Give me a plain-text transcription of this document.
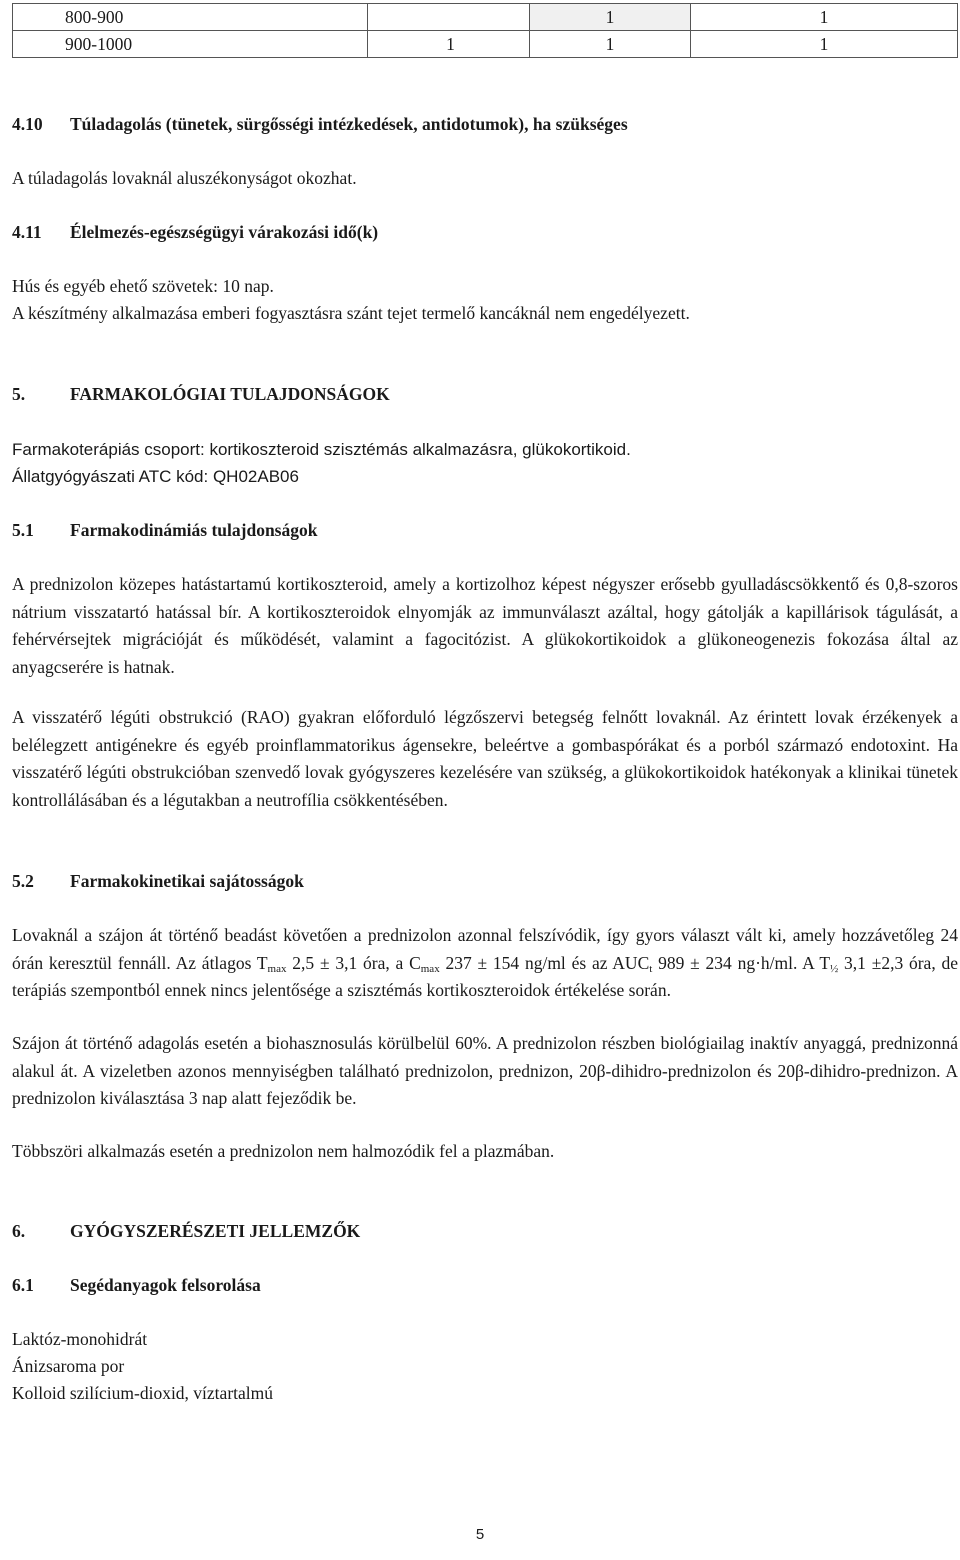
800-900		1	1
900-1000	1	1	1
4.10 Túladagolás (tünetek, sürgősségi intézkedések, antidotumok), ha szükséges
A túladagolás lovaknál aluszékonyságot okozhat.
4.11 Élelmezés-egészségügyi várakozási idő(k)
Hús és egyéb ehető szövetek: 10 nap.
A készítmény alkalmazása emberi fogyasztásra szánt tejet termelő kancáknál nem engedélyezett.
5.	FARMAKOLÓGIAI TULAJDONSÁGOK
Farmakoterápiás csoport: kortikoszteroid szisztémás alkalmazásra, glükokortikoid.
Állatgyógyászati ATC kód: QH02AB06
5.1 Farmakodinámiás tulajdonságok
A prednizolon közepes hatástartamú kortikoszteroid, amely a kortizolhoz képest négyszer erősebb gyulladáscsökkentő és 0,8-szoros nátrium visszatartó hatással bír. A kortikoszteroidok elnyomják az immunválaszt azáltal, hogy gátolják a kapillárisok tágulását, a fehérvérsejtek migrációját és működését, valamint a fagocitózist. A glükokortikoidok a glükoneogenezis fokozása által az anyagcserére is hatnak.
A visszatérő légúti obstrukció (RAO) gyakran előforduló légzőszervi betegség felnőtt lovaknál. Az érintett lovak érzékenyek a belélegzett antigénekre és egyéb proinflammatorikus ágensekre, beleértve a gombaspórákat és a porból származó endotoxint. Ha visszatérő légúti obstrukcióban szenvedő lovak gyógyszeres kezelésére van szükség, a glükokortikoidok hatékonyak a klinikai tünetek kontrollálásában és a légutakban a neutrofília csökkentésében.
5.2 Farmakokinetikai sajátosságok
Lovaknál a szájon át történő beadást követően a prednizolon azonnal felszívódik, így gyors választ vált ki, amely hozzávetőleg 24 órán keresztül fennáll. Az átlagos $T_{max}$ 2,5 ± 3,1 óra, a $C_{max}$ 237 ± 154 ng/ml és az $AUC_t$ 989 ± 234 ng·h/ml. A $T_{\frac{1}{2}}$ 3,1 ±2,3 óra, de terápiás szempontból ennek nincs jelentősége a szisztémás kortikoszteroidok értékelése során.
Szájon át történő adagolás esetén a biohasznosulás körülbelül 60%. A prednizolon részben biológiailag inaktív anyaggá, prednizonná alakul át. A vizeletben azonos mennyiségben található prednizolon, prednizon, 20β-dihidro-prednizolon és 20β-dihidro-prednizon. A prednizolon kiválasztása 3 nap alatt fejeződik be.
Többszöri alkalmazás esetén a prednizolon nem halmozódik fel a plazmában.
6.	GYÓGYSZERÉSZETI JELLEMZŐK
6.1 Segédanyagok felsorolása
Laktóz-monohidrát
Ánizsaroma por
Kolloid szilícium-dioxid, víztartalmú
5
